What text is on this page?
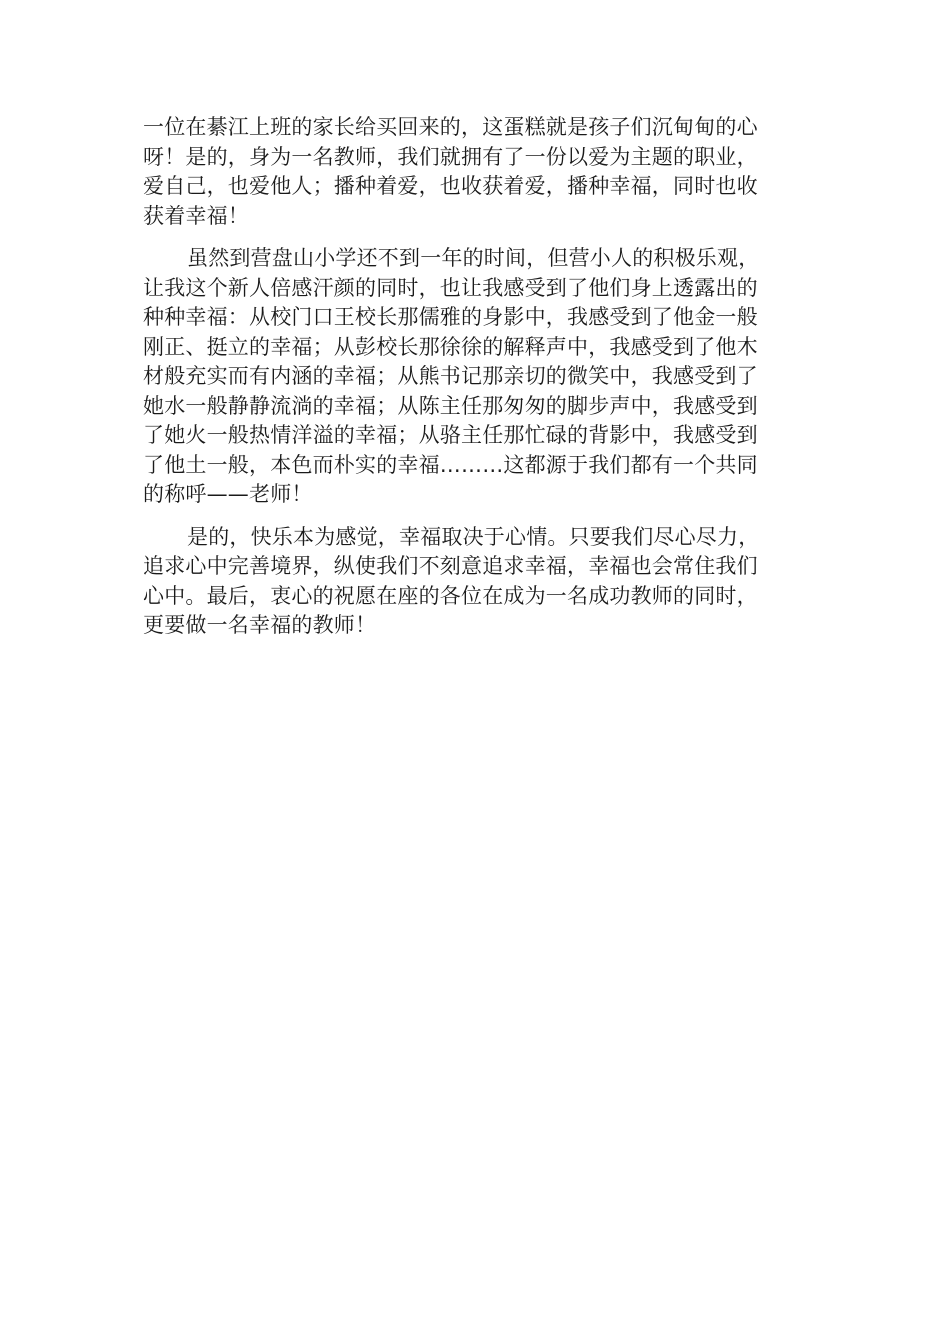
一位在綦江上班的家长给买回来的，这蛋糕就是孩子们沉甸甸的心
呀！是的，身为一名教师，我们就拥有了一份以爱为主题的职业，
爱自己，也爱他人；播种着爱，也收获着爱，播种幸福，同时也收
获着幸福！
虽然到营盘山小学还不到一年的时间，但营小人的积极乐观，
让我这个新人倍感汗颜的同时，也让我感受到了他们身上透露出的
种种幸福：从校门口王校长那儒雅的身影中，我感受到了他金一般
刚正、挺立的幸福；从彭校长那徐徐的解释声中，我感受到了他木
材般充实而有内涵的幸福；从熊书记那亲切的微笑中，我感受到了
她水一般静静流淌的幸福；从陈主任那匆匆的脚步声中，我感受到
了她火一般热情洋溢的幸福；从骆主任那忙碌的背影中，我感受到
了他土一般，本色而朴实的幸福………这都源于我们都有一个共同
的称呼——老师！
是的，快乐本为感觉，幸福取决于心情。只要我们尽心尽力，
追求心中完善境界，纵使我们不刻意追求幸福，幸福也会常住我们
心中。最后，衷心的祝愿在座的各位在成为一名成功教师的同时，
更要做一名幸福的教师！
